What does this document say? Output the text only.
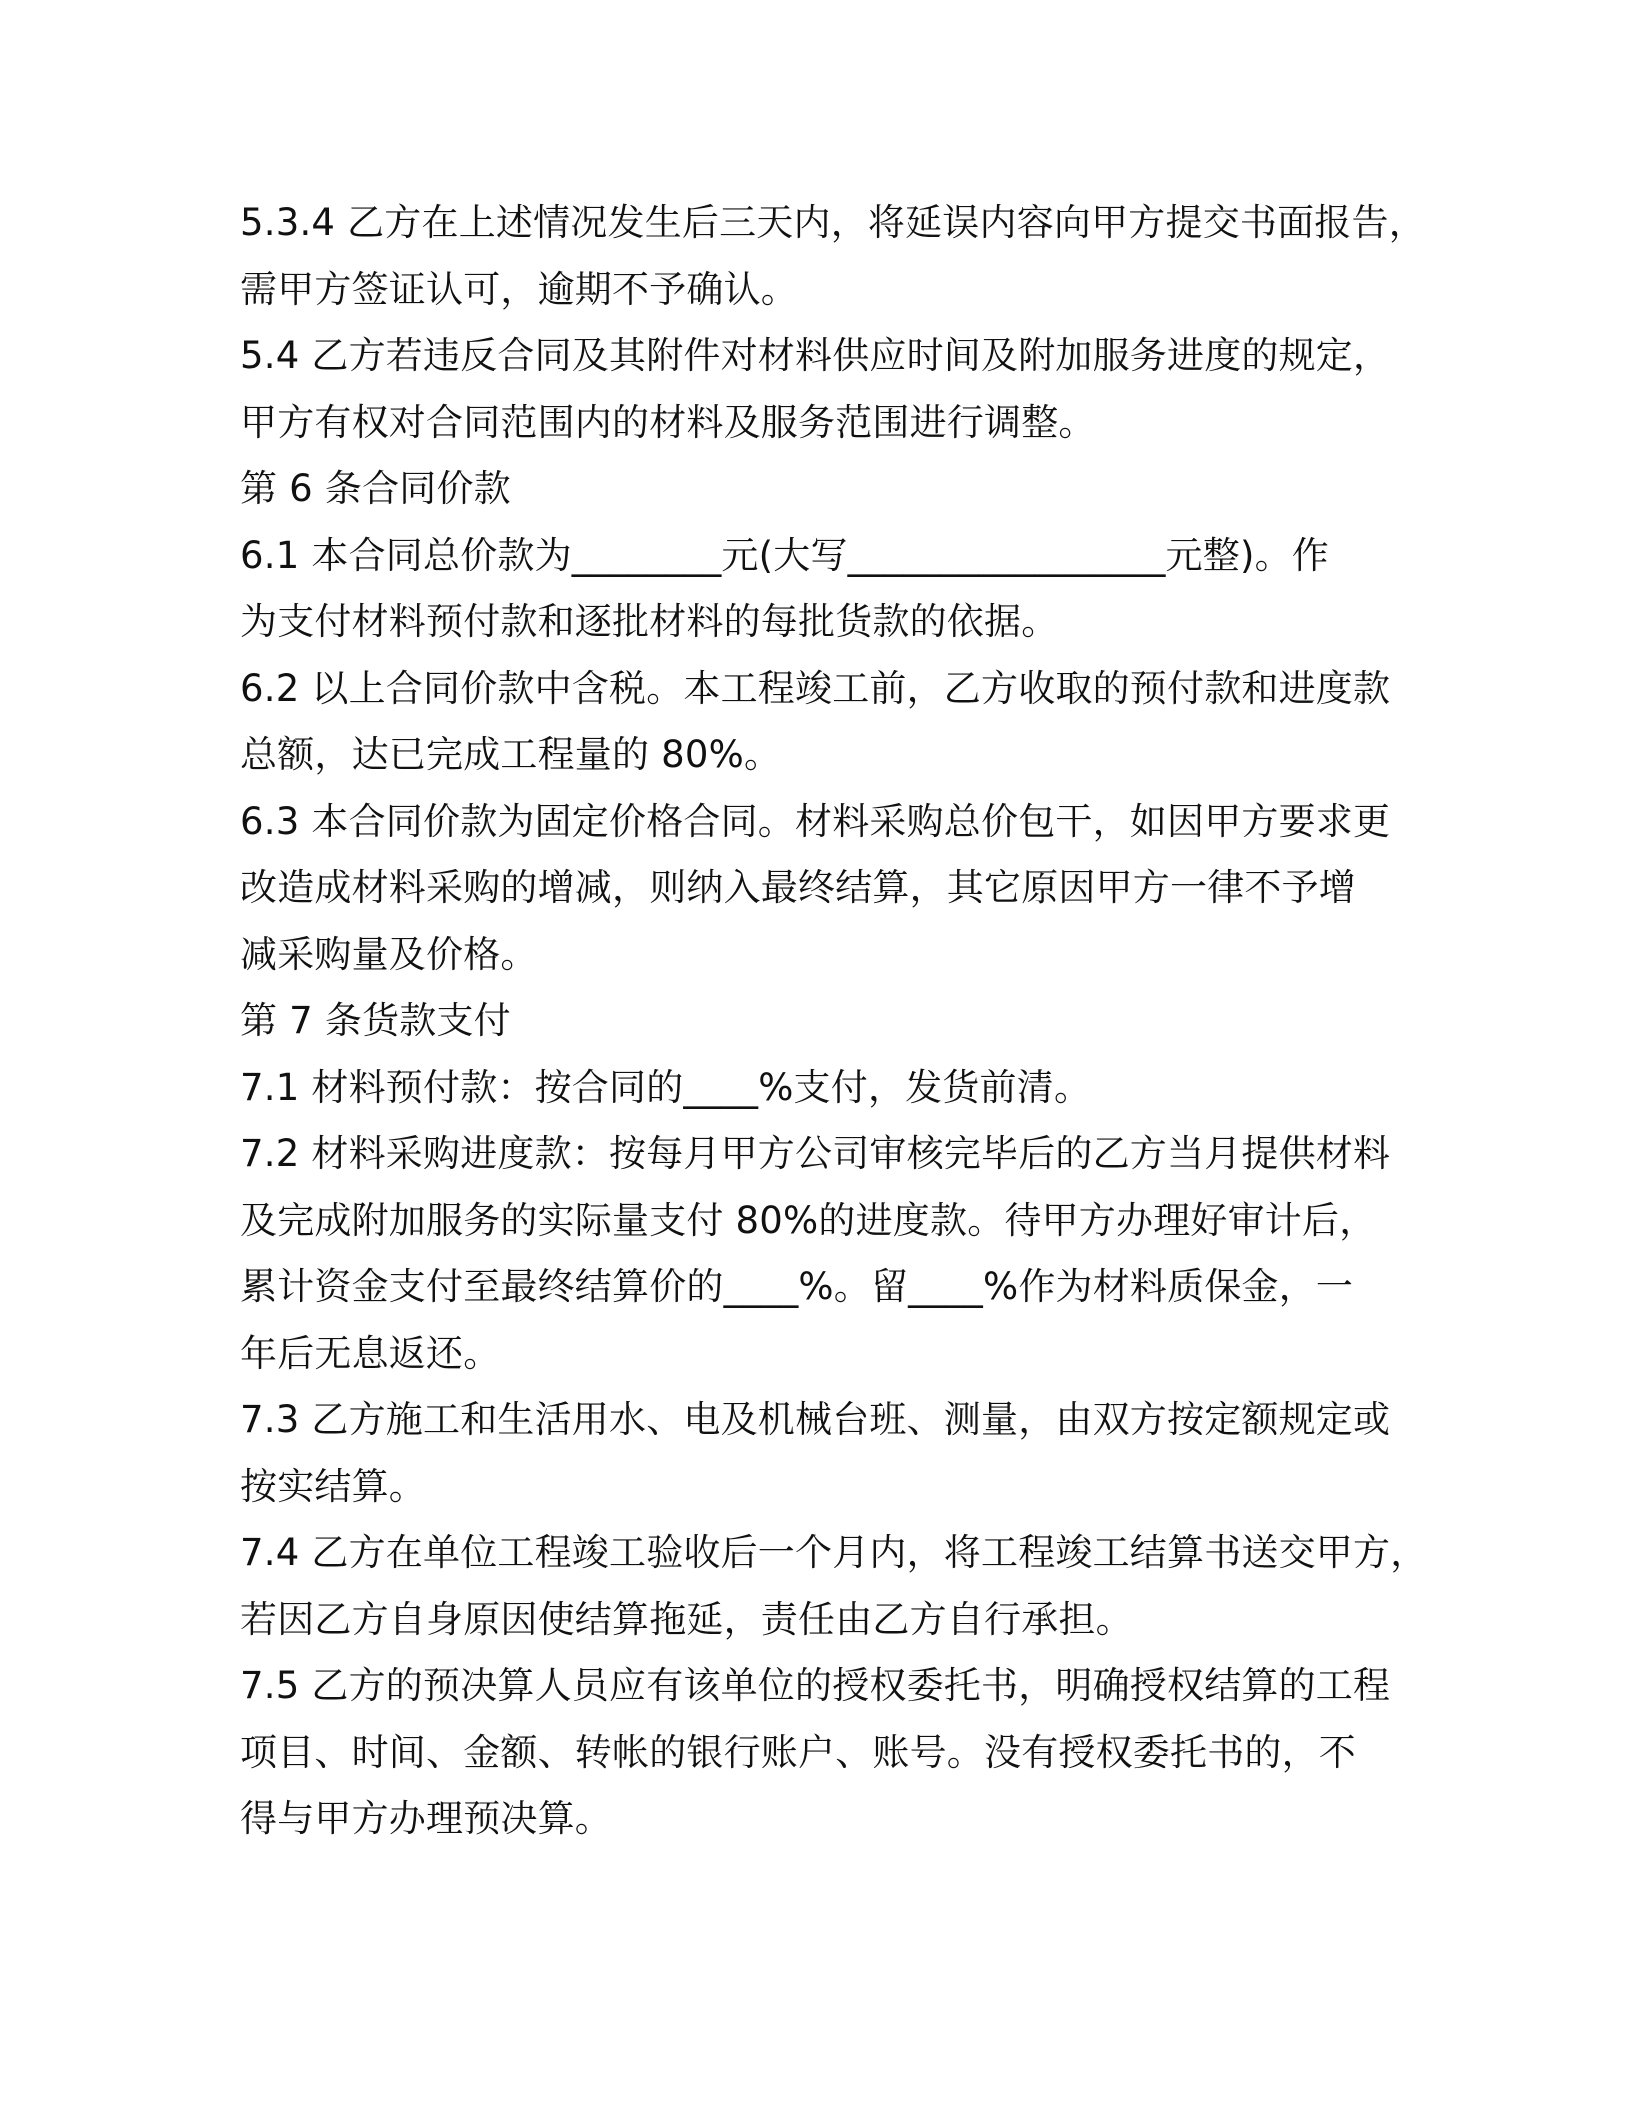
5.3.4 乙方在上述情况发生后三天内，将延误内容向甲方提交书面报告，
需甲方签证认可，逾期不予确认。
5.4 乙方若违反合同及其附件对材料供应时间及附加服务进度的规定，
甲方有权对合同范围内的材料及服务范围进行调整。
第 6 条合同价款
6.1 本合同总价款为________元(大写_________________元整)。作
为支付材料预付款和逐批材料的每批货款的依据。
6.2 以上合同价款中含税。本工程竣工前，乙方收取的预付款和进度款
总额，达已完成工程量的 80%。
6.3 本合同价款为固定价格合同。材料采购总价包干，如因甲方要求更
改造成材料采购的增减，则纳入最终结算，其它原因甲方一律不予增
减采购量及价格。
第 7 条货款支付
7.1 材料预付款：按合同的____%支付，发货前清。
7.2 材料采购进度款：按每月甲方公司审核完毕后的乙方当月提供材料
及完成附加服务的实际量支付 80%的进度款。待甲方办理好审计后，
累计资金支付至最终结算价的____%。留____%作为材料质保金，一
年后无息返还。
7.3 乙方施工和生活用水、电及机械台班、测量，由双方按定额规定或
按实结算。
7.4 乙方在单位工程竣工验收后一个月内，将工程竣工结算书送交甲方，
若因乙方自身原因使结算拖延，责任由乙方自行承担。
7.5 乙方的预决算人员应有该单位的授权委托书，明确授权结算的工程
项目、时间、金额、转帐的银行账户、账号。没有授权委托书的，不
得与甲方办理预决算。
